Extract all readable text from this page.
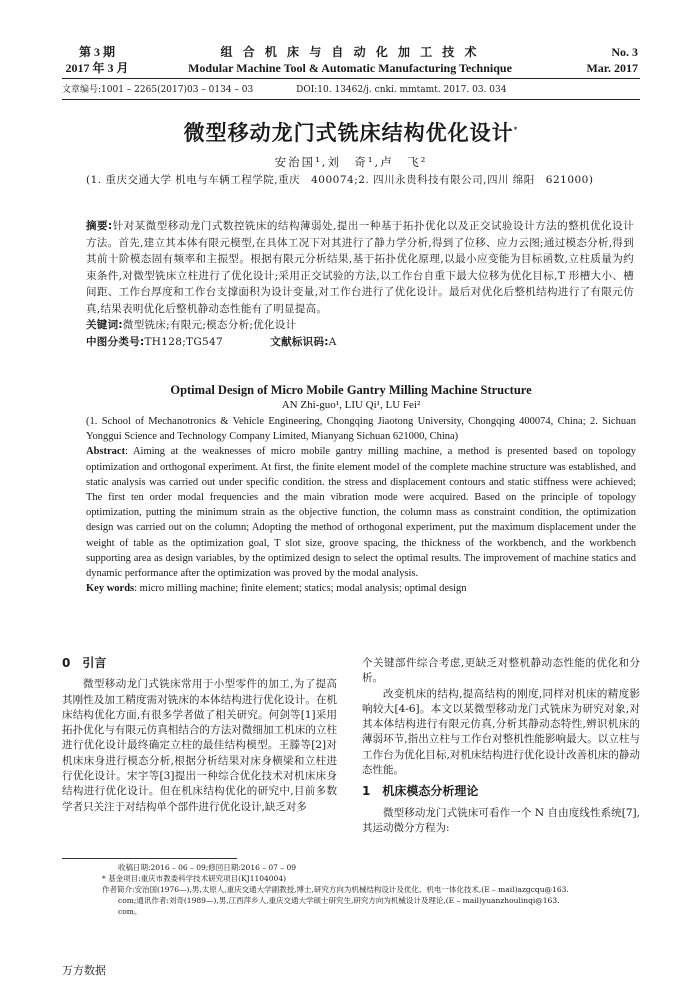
第 3 期
2017 年 3 月
组 合 机 床 与 自 动 化 加 工 技 术
Modular Machine Tool & Automatic Manufacturing Technique
No. 3
Mar. 2017
文章编号:1001 – 2265(2017)03 – 0134 – 03	DOI:10. 13462/j. cnki. mmtamt. 2017. 03. 034
微型移动龙门式铣床结构优化设计*
安治国¹,刘　奇¹,卢　飞²
(1. 重庆交通大学 机电与车辆工程学院,重庆　400074;2. 四川永贵科技有限公司,四川 绵阳　621000)
摘要:针对某微型移动龙门式数控铣床的结构薄弱处,提出一种基于拓扑优化以及正交试验设计方法的整机优化设计方法。首先,建立其本体有限元模型,在具体工况下对其进行了静力学分析,得到了位移、应力云图;通过模态分析,得到其前十阶模态固有频率和主振型。根据有限元分析结果,基于拓扑优化原理,以最小应变能为目标函数,立柱质量为约束条件,对微型铣床立柱进行了优化设计;采用正交试验的方法,以工作台自重下最大位移为优化目标,T 形槽大小、槽间距、工作台厚度和工作台支撑面积为设计变量,对工作台进行了优化设计。最后对优化后整机结构进行了有限元仿真,结果表明优化后整机静动态性能有了明显提高。
关键词:微型铣床;有限元;模态分析;优化设计
中图分类号:TH128;TG547	文献标识码:A
Optimal Design of Micro Mobile Gantry Milling Machine Structure
AN Zhi-guo¹, LIU Qi¹, LU Fei²
(1. School of Mechanotronics & Vehicle Engineering, Chongqing Jiaotong University, Chongqing 400074, China; 2. Sichuan Yonggui Science and Technology Company Limited, Mianyang Sichuan 621000, China)
Abstract: Aiming at the weaknesses of micro mobile gantry milling machine, a method is presented based on topology optimization and orthogonal experiment. At first, the finite element model of the complete machine structure was established, and static analysis was carried out under specific condition. the stress and displacement contours and static stiffness were achieved; The first ten order modal frequencies and the main vibration mode were acquired. Based on the principle of topology optimization, putting the minimum strain as the objective function, the column mass as constraint condition, the optimization design was carried out on the column; Adopting the method of orthogonal experiment, put the maximum displacement under the weight of table as the optimization goal, T slot size, groove spacing, the thickness of the workbench, and the workbench supporting area as design variables, by the optimized design to select the optimal results. The improvement of machine statics and dynamic performance after the optimization was proved by the modal analysis.
Key words: micro milling machine; finite element; statics; modal analysis; optimal design
0　引言

微型移动龙门式铣床常用于小型零件的加工,为了提高其刚性及加工精度需对铣床的本体结构进行优化设计。在机床结构优化方面,有很多学者做了相关研究。何剑等[1]采用拓扑优化与有限元仿真相结合的方法对微细加工机床的立柱进行优化设计最终确定立柱的最佳结构模型。王滕等[2]对机床床身进行模态分析,根据分析结果对床身横梁和立柱进行优化设计。宋宇等[3]提出一种综合优化技术对机床床身结构进行优化设计。但在机床结构优化的研究中,目前多数学者只关注于对结构单个部件进行优化设计,缺乏对多

个关键部件综合考虑,更缺乏对整机静动态性能的优化和分析。

改变机床的结构,提高结构的刚度,同样对机床的精度影响较大[4-6]。本文以某微型移动龙门式铣床为研究对象,对其本体结构进行有限元仿真,分析其静动态特性,辨识机床的薄弱环节,指出立柱与工作台对整机性能影响最大。以立柱与工作台为优化目标,对机床结构进行优化设计改善机床的静动态性能。

1　机床模态分析理论

微型移动龙门式铣床可看作一个 N 自由度线性系统[7],其运动微分方程为:

收稿日期:2016 – 06 – 09;修回日期:2016 – 07 – 09
* 基金项目:重庆市教委科学技术研究项目(KJ1104004)
作者简介:安治国(1976—),男,太原人,重庆交通大学副教授,博士,研究方向为机械结构设计及优化、机电一体化技术,(E – mail)azgcqu@163.
com;通讯作者:刘奇(1989—),男,江西萍乡人,重庆交通大学硕士研究生,研究方向为机械设计及理论,(E – mail)yuanzhoulinqi@163.
com。
万方数据
